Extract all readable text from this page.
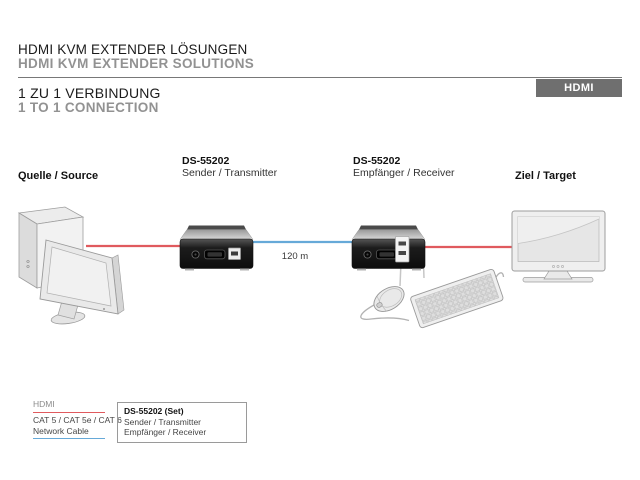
HDMI KVM EXTENDER LÖSUNGEN
HDMI KVM EXTENDER SOLUTIONS
HDMI
1 ZU 1 VERBINDUNG
1 TO 1 CONNECTION
Quelle / Source
DS-55202
Sender / Transmitter
DS-55202
Empfänger / Receiver	Ziel / Target
120 m
HDMI
CAT 5 / CAT 5e / CAT 6
Network Cable
DS-55202 (Set)
Sender / Transmitter
Empfänger / Receiver
